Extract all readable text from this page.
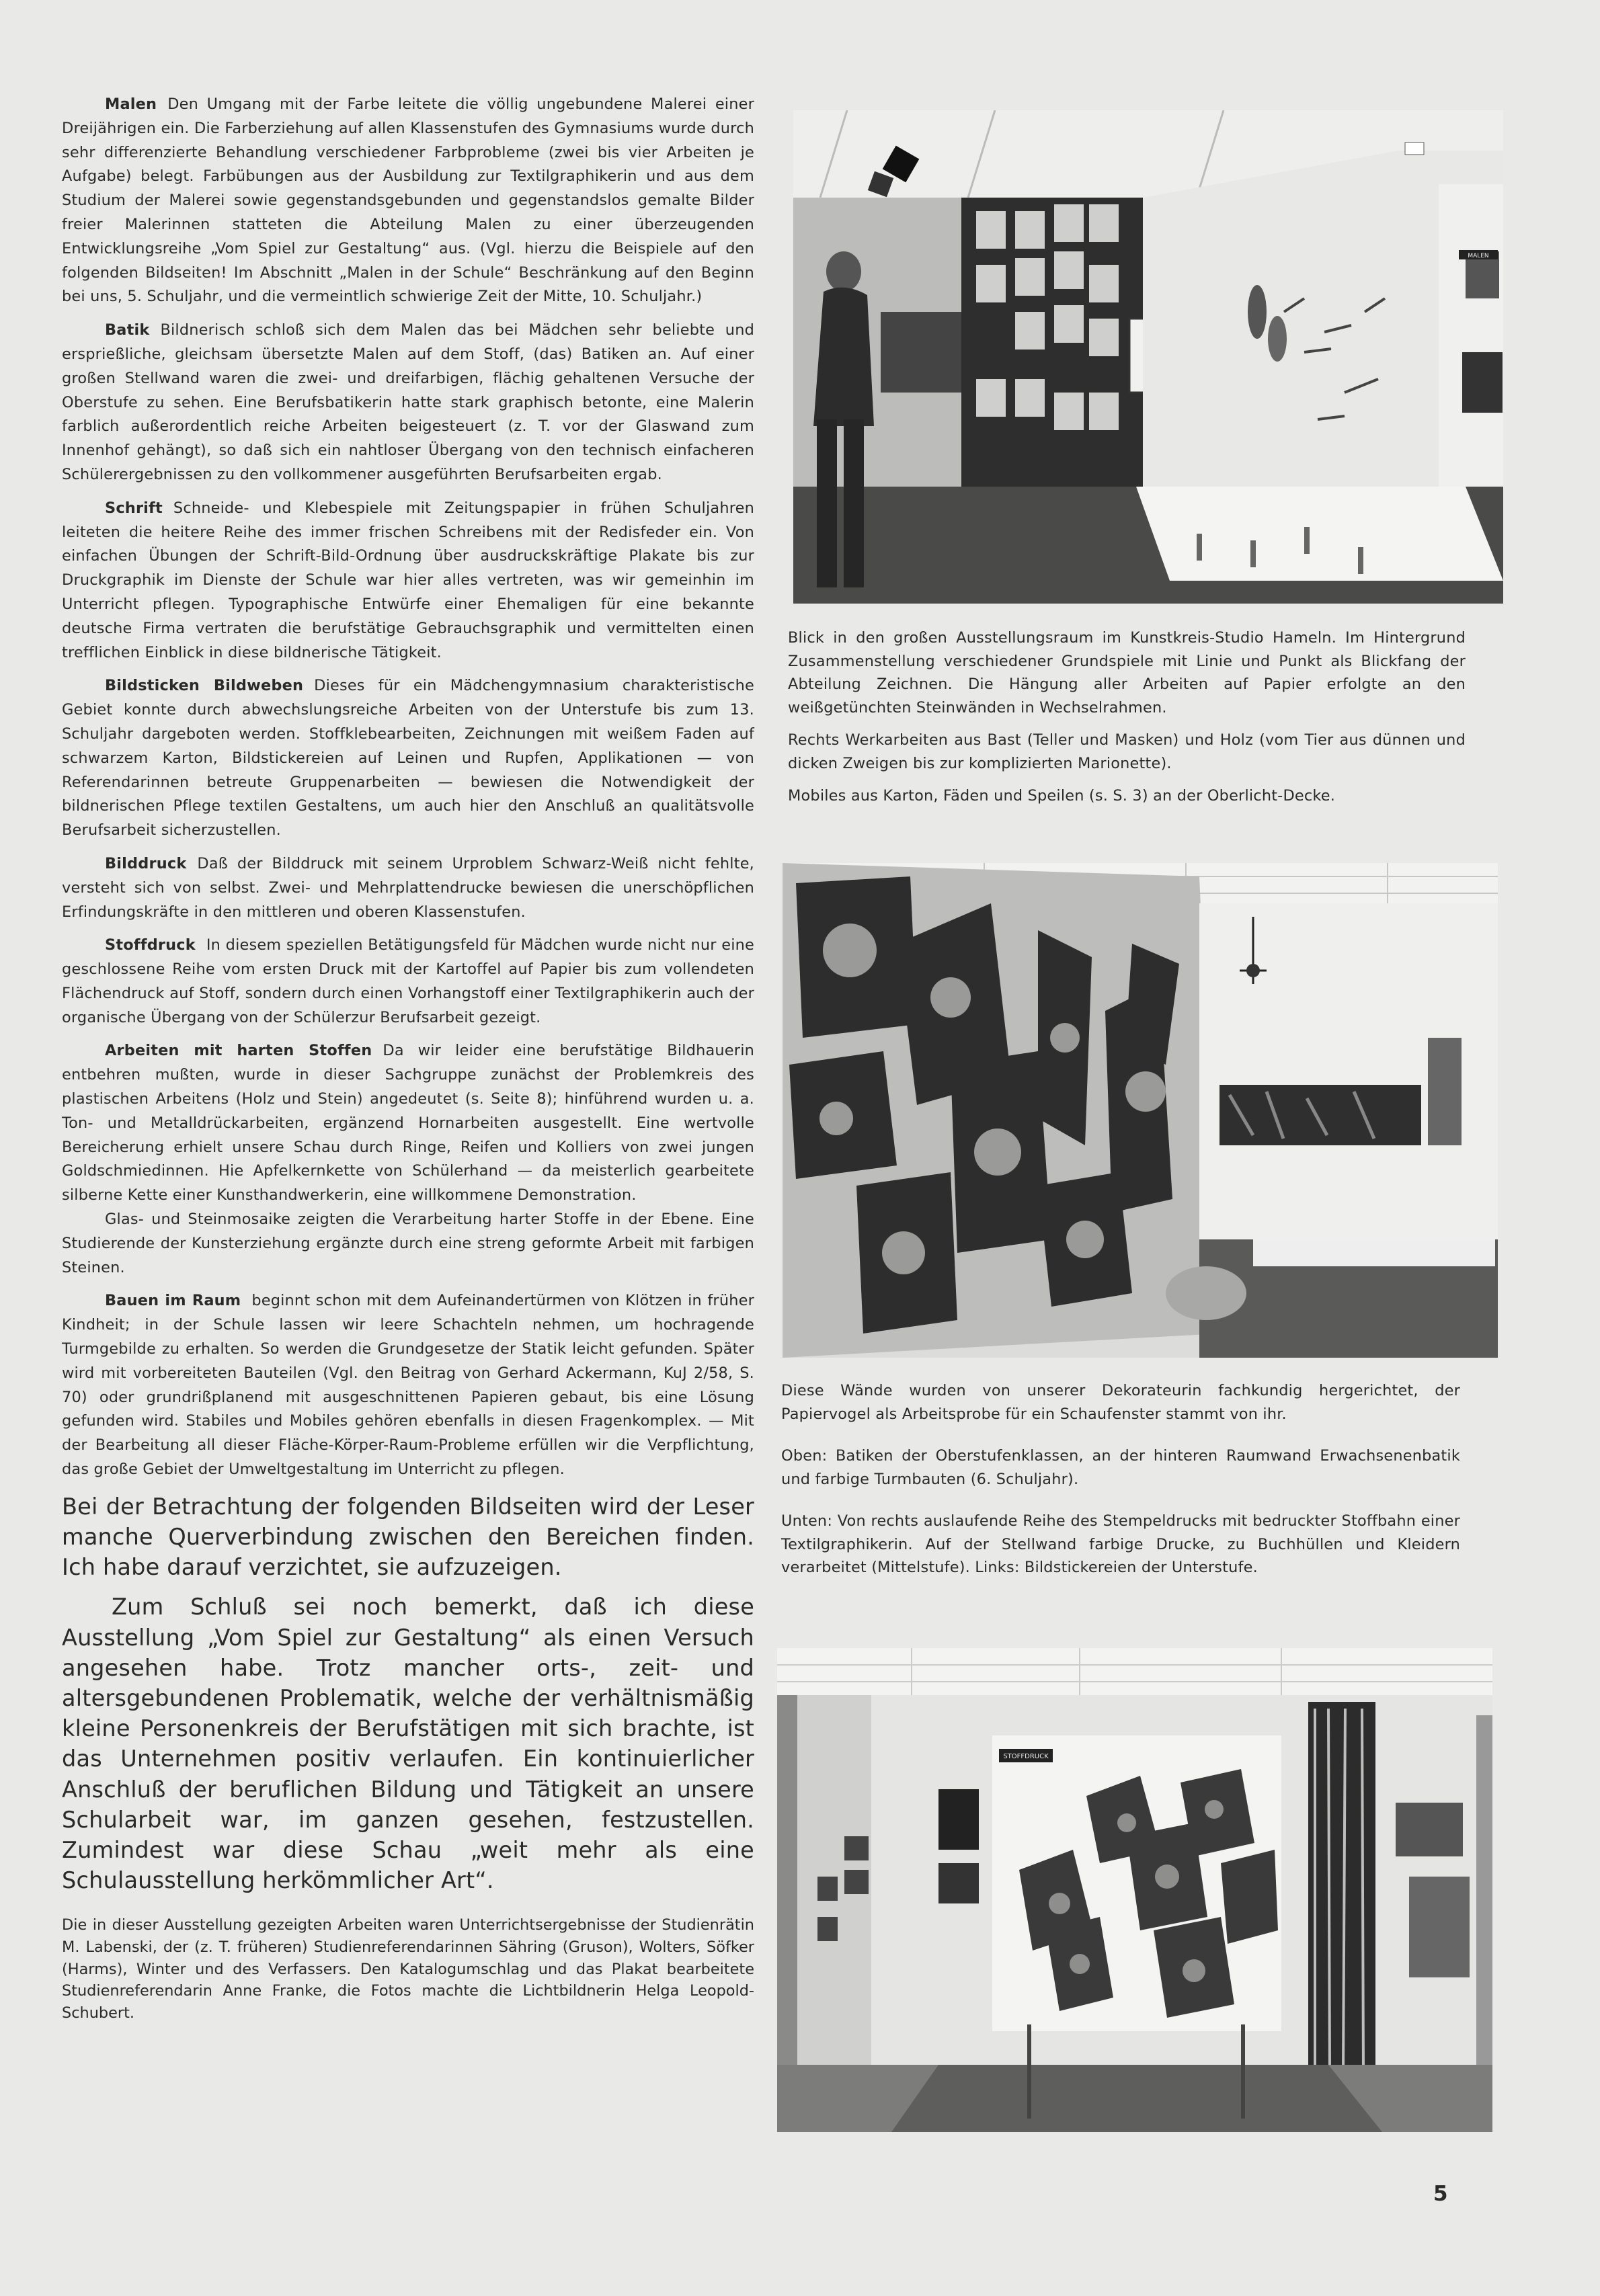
Malen Den Umgang mit der Farbe leitete die völlig ungebundene Malerei einer Dreijährigen ein. Die Farberziehung auf allen Klassenstufen des Gymnasiums wurde durch sehr differenzierte Behandlung verschiedener Farbprobleme (zwei bis vier Arbeiten je Aufgabe) belegt. Farbübungen aus der Ausbildung zur Textilgraphikerin und aus dem Studium der Malerei sowie gegenstandsgebunden und gegenstandslos gemalte Bilder freier Malerinnen statteten die Abteilung Malen zu einer überzeugenden Entwicklungsreihe „Vom Spiel zur Gestaltung“ aus. (Vgl. hierzu die Beispiele auf den folgenden Bildseiten! Im Abschnitt „Malen in der Schule“ Beschränkung auf den Beginn bei uns, 5. Schuljahr, und die vermeintlich schwierige Zeit der Mitte, 10. Schuljahr.)

Batik Bildnerisch schloß sich dem Malen das bei Mädchen sehr beliebte und ersprießliche, gleichsam übersetzte Malen auf dem Stoff, (das) Batiken an. Auf einer großen Stellwand waren die zwei- und dreifarbigen, flächig gehaltenen Versuche der Oberstufe zu sehen. Eine Berufsbatikerin hatte stark graphisch betonte, eine Malerin farblich außerordentlich reiche Arbeiten beigesteuert (z. T. vor der Glaswand zum Innenhof gehängt), so daß sich ein nahtloser Übergang von den technisch einfacheren Schülerergebnissen zu den vollkommener ausgeführten Berufsarbeiten ergab.

Schrift Schneide- und Klebespiele mit Zeitungspapier in frühen Schuljahren leiteten die heitere Reihe des immer frischen Schreibens mit der Redisfeder ein. Von einfachen Übungen der Schrift-Bild-Ordnung über ausdruckskräftige Plakate bis zur Druckgraphik im Dienste der Schule war hier alles vertreten, was wir gemeinhin im Unterricht pflegen. Typographische Entwürfe einer Ehemaligen für eine bekannte deutsche Firma vertraten die berufstätige Gebrauchsgraphik und vermittelten einen trefflichen Einblick in diese bildnerische Tätigkeit.

Bildsticken Bildweben Dieses für ein Mädchengymnasium charakteristische Gebiet konnte durch abwechslungsreiche Arbeiten von der Unterstufe bis zum 13. Schuljahr dargeboten werden. Stoffklebearbeiten, Zeichnungen mit weißem Faden auf schwarzem Karton, Bildstickereien auf Leinen und Rupfen, Applikationen — von Referendarinnen betreute Gruppenarbeiten — bewiesen die Notwendigkeit der bildnerischen Pflege textilen Gestaltens, um auch hier den Anschluß an qualitätsvolle Berufsarbeit sicherzustellen.

Bilddruck Daß der Bilddruck mit seinem Urproblem Schwarz-Weiß nicht fehlte, versteht sich von selbst. Zwei- und Mehrplattendrucke bewiesen die unerschöpflichen Erfindungskräfte in den mittleren und oberen Klassenstufen.

Stoffdruck In diesem speziellen Betätigungsfeld für Mädchen wurde nicht nur eine geschlossene Reihe vom ersten Druck mit der Kartoffel auf Papier bis zum vollendeten Flächendruck auf Stoff, sondern durch einen Vorhangstoff einer Textilgraphikerin auch der organische Übergang von der Schülerzur Berufsarbeit gezeigt.

Arbeiten mit harten Stoffen Da wir leider eine berufstätige Bildhauerin entbehren mußten, wurde in dieser Sachgruppe zunächst der Problemkreis des plastischen Arbeitens (Holz und Stein) angedeutet (s. Seite 8); hinführend wurden u. a. Ton- und Metalldrückarbeiten, ergänzend Hornarbeiten ausgestellt. Eine wertvolle Bereicherung erhielt unsere Schau durch Ringe, Reifen und Kolliers von zwei jungen Goldschmiedinnen. Hie Apfelkernkette von Schülerhand — da meisterlich gearbeitete silberne Kette einer Kunsthandwerkerin, eine willkommene Demonstration.

Glas- und Steinmosaike zeigten die Verarbeitung harter Stoffe in der Ebene. Eine Studierende der Kunsterziehung ergänzte durch eine streng geformte Arbeit mit farbigen Steinen.

Bauen im Raum beginnt schon mit dem Aufeinandertürmen von Klötzen in früher Kindheit; in der Schule lassen wir leere Schachteln nehmen, um hochragende Turmgebilde zu erhalten. So werden die Grundgesetze der Statik leicht gefunden. Später wird mit vorbereiteten Bauteilen (Vgl. den Beitrag von Gerhard Ackermann, KuJ 2/58, S. 70) oder grundrißplanend mit ausgeschnittenen Papieren gebaut, bis eine Lösung gefunden wird. Stabiles und Mobiles gehören ebenfalls in diesen Fragenkomplex. — Mit der Bearbeitung all dieser Fläche-Körper-Raum-Probleme erfüllen wir die Verpflichtung, das große Gebiet der Umweltgestaltung im Unterricht zu pflegen.

Bei der Betrachtung der folgenden Bildseiten wird der Leser manche Querverbindung zwischen den Bereichen finden. Ich habe darauf verzichtet, sie aufzuzeigen.

Zum Schluß sei noch bemerkt, daß ich diese Ausstellung „Vom Spiel zur Gestaltung“ als einen Versuch angesehen habe. Trotz mancher orts-, zeit- und altersgebundenen Problematik, welche der verhältnismäßig kleine Personenkreis der Berufstätigen mit sich brachte, ist das Unternehmen positiv verlaufen. Ein kontinuierlicher Anschluß der beruflichen Bildung und Tätigkeit an unsere Schularbeit war, im ganzen gesehen, festzustellen. Zumindest war diese Schau „weit mehr als eine Schulausstellung herkömmlicher Art“.

Die in dieser Ausstellung gezeigten Arbeiten waren Unterrichtsergebnisse der Studienrätin M. Labenski, der (z. T. früheren) Studienreferendarinnen Sähring (Gruson), Wolters, Söfker (Harms), Winter und des Verfassers. Den Katalogumschlag und das Plakat bearbeitete Studienreferendarin Anne Franke, die Fotos machte die Lichtbildnerin Helga Leopold-Schubert.

MALEN

Blick in den großen Ausstellungsraum im Kunstkreis-Studio Hameln. Im Hintergrund Zusammenstellung verschiedener Grundspiele mit Linie und Punkt als Blickfang der Abteilung Zeichnen. Die Hängung aller Arbeiten auf Papier erfolgte an den weißgetünchten Steinwänden in Wechselrahmen.

Rechts Werkarbeiten aus Bast (Teller und Masken) und Holz (vom Tier aus dünnen und dicken Zweigen bis zur komplizierten Marionette).

Mobiles aus Karton, Fäden und Speilen (s. S. 3) an der Oberlicht-Decke.

Diese Wände wurden von unserer Dekorateurin fachkundig hergerichtet, der Papiervogel als Arbeitsprobe für ein Schaufenster stammt von ihr.

Oben: Batiken der Oberstufenklassen, an der hinteren Raumwand Erwachsenenbatik und farbige Turmbauten (6. Schuljahr).

Unten: Von rechts auslaufende Reihe des Stempeldrucks mit bedruckter Stoffbahn einer Textilgraphikerin. Auf der Stellwand farbige Drucke, zu Buchhüllen und Kleidern verarbeitet (Mittelstufe). Links: Bildstickereien der Unterstufe.

STOFFDRUCK
5
